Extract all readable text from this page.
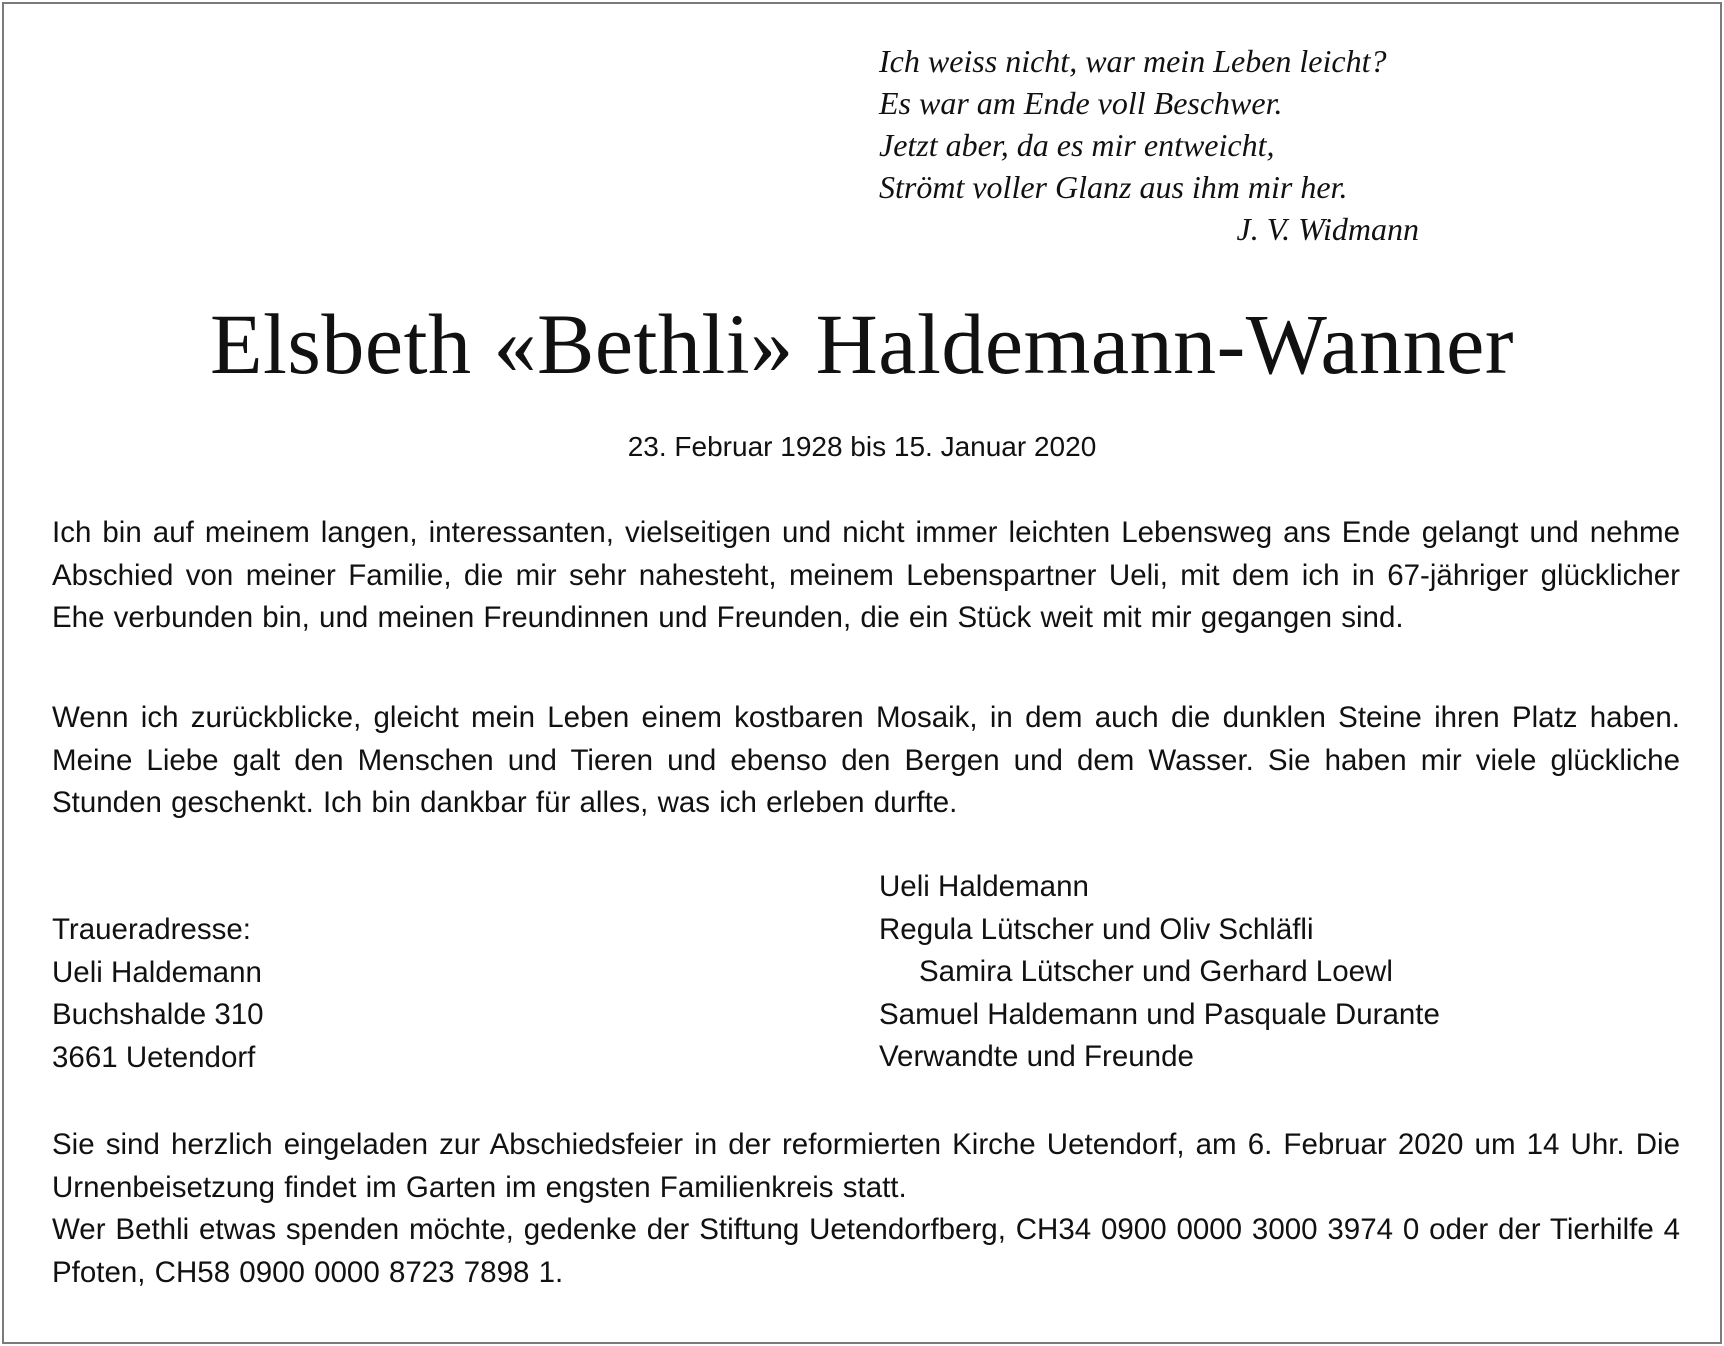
Ich weiss nicht, war mein Leben leicht?
Es war am Ende voll Beschwer.
Jetzt aber, da es mir entweicht,
Strömt voller Glanz aus ihm mir her.
J. V. Widmann
Elsbeth «Bethli» Haldemann-Wanner
23. Februar 1928 bis 15. Januar 2020
Ich bin auf meinem langen, interessanten, vielseitigen und nicht immer leichten Lebensweg ans Ende gelangt und nehme Abschied von meiner Familie, die mir sehr nahesteht, meinem Lebenspartner Ueli, mit dem ich in 67-jähriger glücklicher Ehe verbunden bin, und meinen Freundinnen und Freunden, die ein Stück weit mit mir gegangen sind.
Wenn ich zurückblicke, gleicht mein Leben einem kostbaren Mosaik, in dem auch die dunklen Steine ihren Platz haben. Meine Liebe galt den Menschen und Tieren und ebenso den Bergen und dem Wasser. Sie haben mir viele glückliche Stunden geschenkt. Ich bin dankbar für alles, was ich erleben durfte.
Traueradresse:
Ueli Haldemann
Buchshalde 310
3661 Uetendorf
Ueli Haldemann
Regula Lütscher und Oliv Schläfli
Samira Lütscher und Gerhard Loewl
Samuel Haldemann und Pasquale Durante
Verwandte und Freunde
Sie sind herzlich eingeladen zur Abschiedsfeier in der reformierten Kirche Uetendorf, am 6. Februar 2020 um 14 Uhr. Die Urnenbeisetzung findet im Garten im engsten Familienkreis statt.
Wer Bethli etwas spenden möchte, gedenke der Stiftung Uetendorfberg, CH34 0900 0000 3000 3974 0 oder der Tierhilfe 4 Pfoten, CH58 0900 0000 8723 7898 1.
